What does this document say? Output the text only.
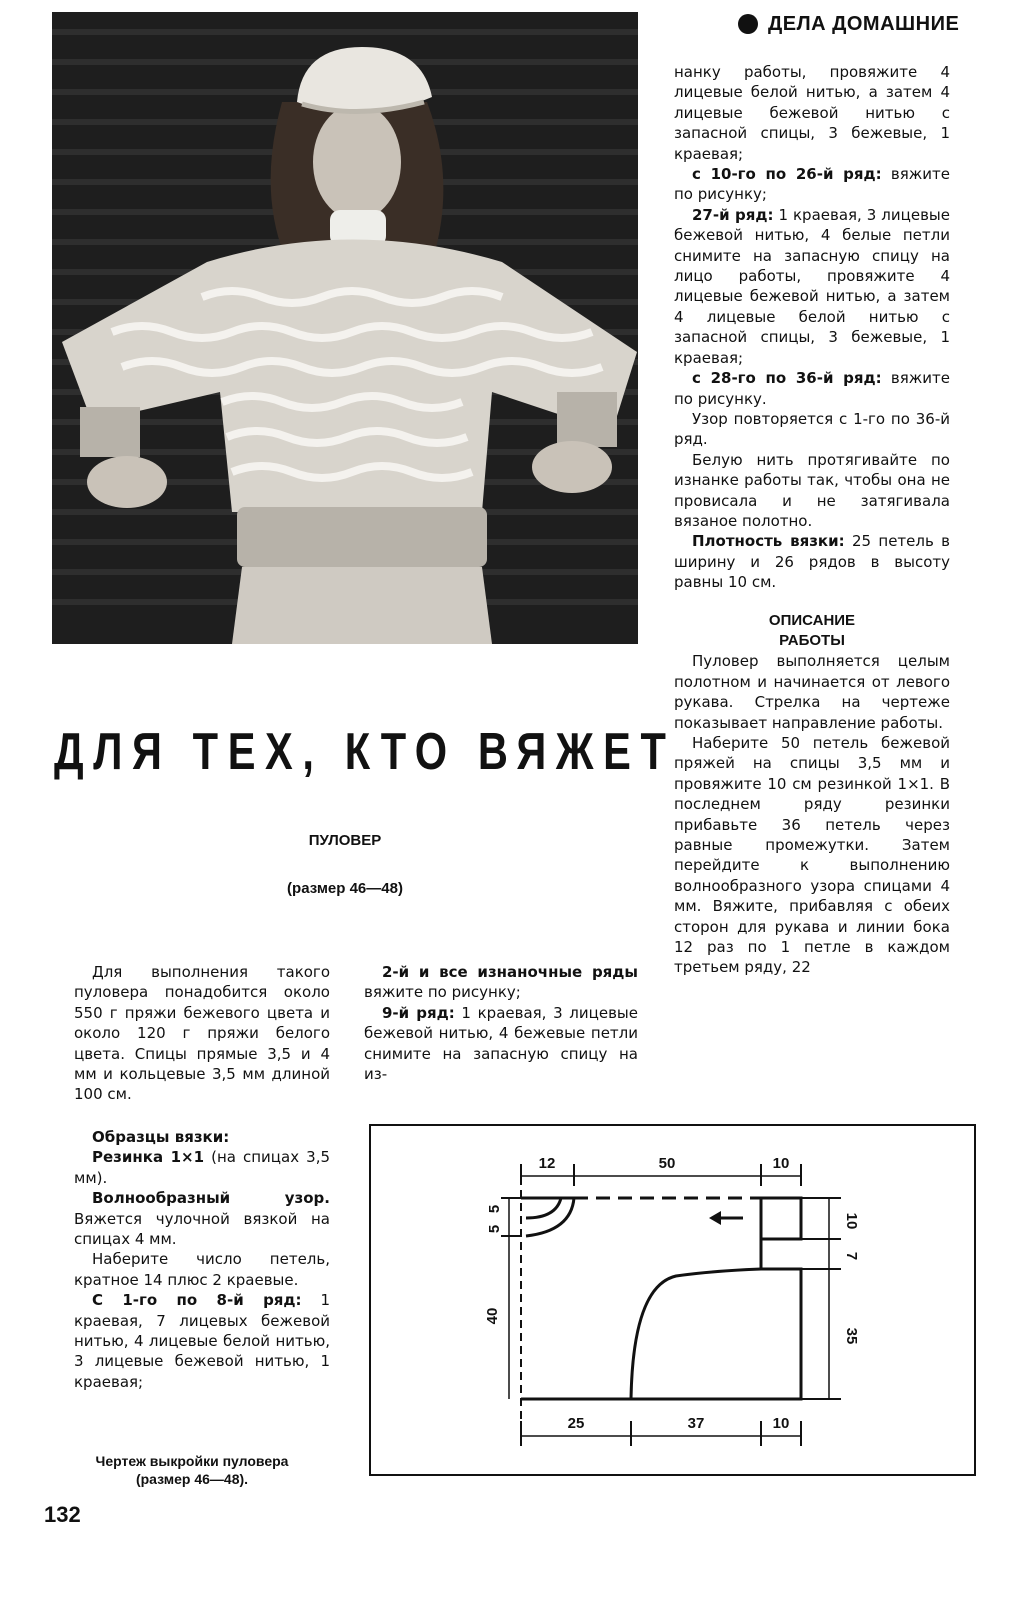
ДЕЛА ДОМАШНИЕ
ДЛЯ ТЕХ, КТО ВЯЖЕТ
ПУЛОВЕР
(размер 46—48)

Для выполнения такого пуловера понадобится около 550 г пряжи бежевого цвета и около 120 г пряжи белого цвета. Спицы прямые 3,5 и 4 мм и кольцевые 3,5 мм длиной 100 см.

Образцы вязки:

Резинка 1×1 (на спицах 3,5 мм).

Волнообразный узор. Вяжется чулочной вязкой на спицах 4 мм.

Наберите число петель, кратное 14 плюс 2 краевые.

С 1-го по 8-й ряд: 1 краевая, 7 лицевых бежевой нитью, 4 лицевые белой нитью, 3 лицевые бежевой нитью, 1 краевая;

2-й и все изнаночные ряды вяжите по рисунку;

9-й ряд: 1 краевая, 3 лицевые бежевой нитью, 4 бежевые петли снимите на запасную спицу на из-

нанку работы, провяжите 4 лицевые белой нитью, а затем 4 лицевые бежевой нитью с запасной спицы, 3 бежевые, 1 краевая;

с 10-го по 26-й ряд: вяжите по рисунку;

27-й ряд: 1 краевая, 3 лицевые бежевой нитью, 4 белые петли снимите на запасную спицу на лицо работы, провяжите 4 лицевые бежевой нитью, а затем 4 лицевые белой нитью с запасной спицы, 3 бежевые, 1 краевая;

с 28-го по 36-й ряд: вяжите по рисунку.

Узор повторяется с 1-го по 36-й ряд.

Белую нить протягивайте по изнанке работы так, чтобы она не провисала и не затягивала вязаное полотно.

Плотность вязки: 25 петель в ширину и 26 рядов в высоту равны 10 см.

ОПИСАНИЕ

РАБОТЫ

Пуловер выполняется целым полотном и начинается от левого рукава. Стрелка на чертеже показывает направление работы.

Наберите 50 петель бежевой пряжей на спицы 3,5 мм и провяжите 10 см резинкой 1×1. В последнем ряду резинки прибавьте 36 петель через равные промежутки. Затем перейдите к выполнению волнообразного узора спицами 4 мм. Вяжите, прибавляя с обеих сторон для рукава и линии бока 12 раз по 1 петле в каждом третьем ряду, 22

12	50	10
5
5
40
10
7
35
25	37	10
Чертеж выкройки пуловера
(размер 46—48).
132
